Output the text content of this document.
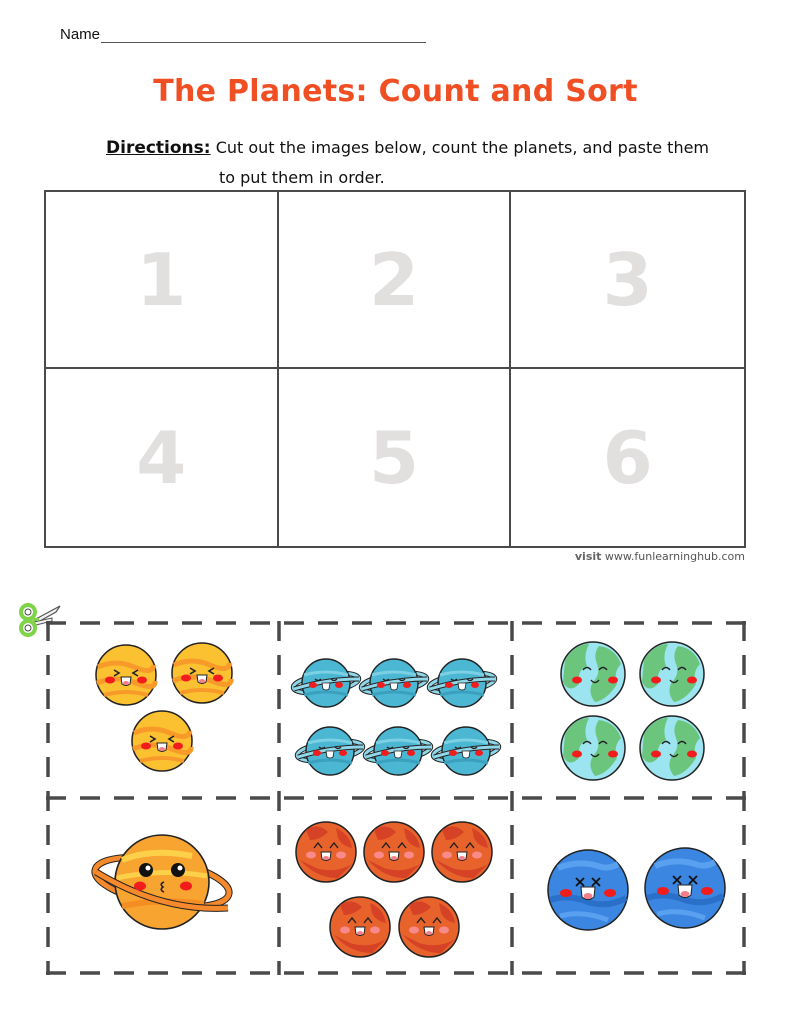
Name
The Planets: Count and Sort
Directions: Cut out the images below, count the planets, and paste them
to put them in order.
1	2	3
4	5	6
visit www.funlearninghub.com
